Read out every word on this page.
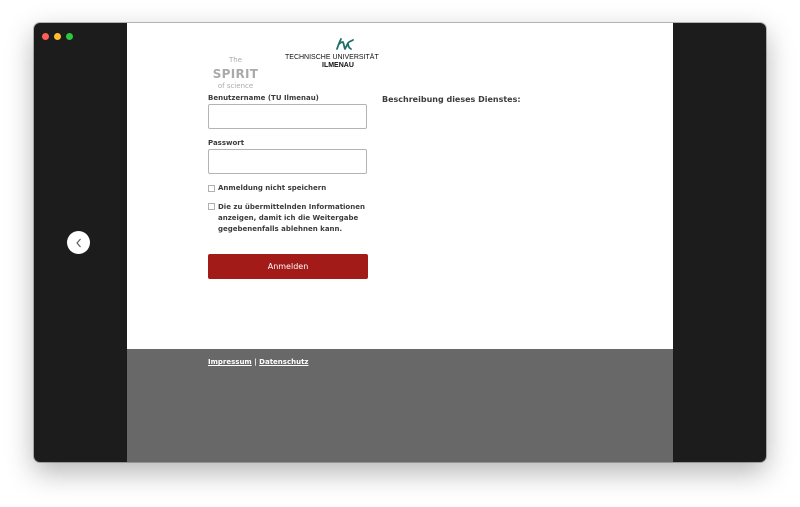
The SPIRIT
of science
TECHNISCHE UNIVERSITÄT
ILMENAU
Benutzername (TU Ilmenau)
Passwort
Anmeldung nicht speichern
Die zu übermittelnden Informationen anzeigen, damit ich die Weitergabe gegebenenfalls ablehnen kann.
Anmelden
Beschreibung dieses Dienstes:
Impressum | Datenschutz
